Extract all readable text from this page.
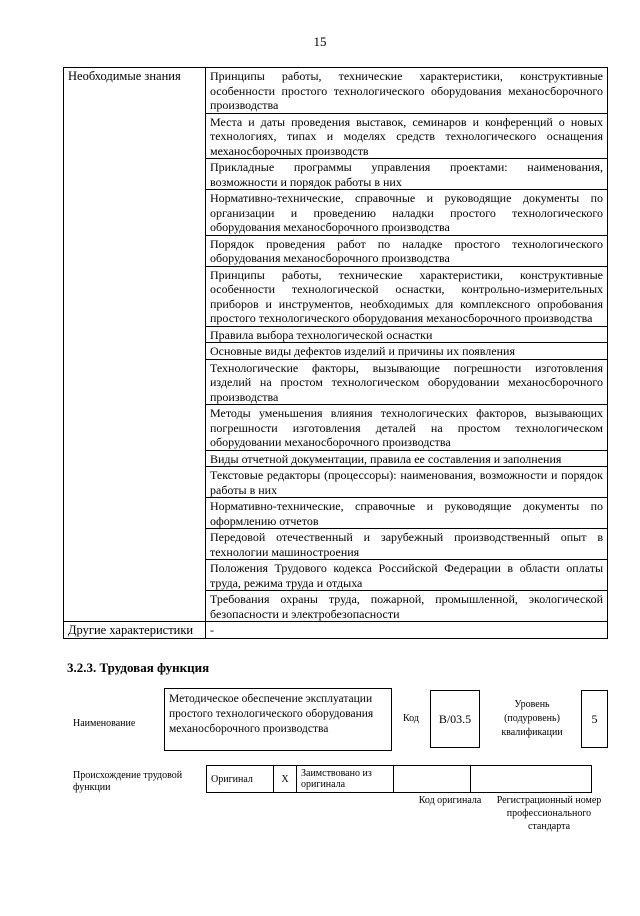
15
Необходимые знания	Принципы работы, технические характеристики, конструктивные особенности простого технологического оборудования механосборочного производства
	Места и даты проведения выставок, семинаров и конференций о новых технологиях, типах и моделях средств технологического оснащения механосборочных производств
	Прикладные программы управления проектами: наименования, возможности и порядок работы в них
	Нормативно-технические, справочные и руководящие документы по организации и проведению наладки простого технологического оборудования механосборочного производства
	Порядок проведения работ по наладке простого технологического оборудования механосборочного производства
	Принципы работы, технические характеристики, конструктивные особенности технологической оснастки, контрольно-измерительных приборов и инструментов, необходимых для комплексного опробования простого технологического оборудования механосборочного производства
	Правила выбора технологической оснастки
	Основные виды дефектов изделий и причины их появления
	Технологические факторы, вызывающие погрешности изготовления изделий на простом технологическом оборудовании механосборочного производства
	Методы уменьшения влияния технологических факторов, вызывающих погрешности изготовления деталей на простом технологическом оборудовании механосборочного производства
	Виды отчетной документации, правила ее составления и заполнения
	Текстовые редакторы (процессоры): наименования, возможности и порядок работы в них
	Нормативно-технические, справочные и руководящие документы по оформлению отчетов
	Передовой отечественный и зарубежный производственный опыт в технологии машиностроения
	Положения Трудового кодекса Российской Федерации в области оплаты труда, режима труда и отдыха
	Требования охраны труда, пожарной, промышленной, экологической безопасности и электробезопасности
Другие характеристики	-
3.2.3. Трудовая функция
Наименование
Методическое обеспечение эксплуатации простого технологического оборудования механосборочного производства
Код	B/03.5
Уровень (подуровень) квалификации
5
Происхождение трудовой функции
Оригинал	X	Заимствовано из оригинала		
Код оригинала	Регистрационный номер профессионального стандарта
